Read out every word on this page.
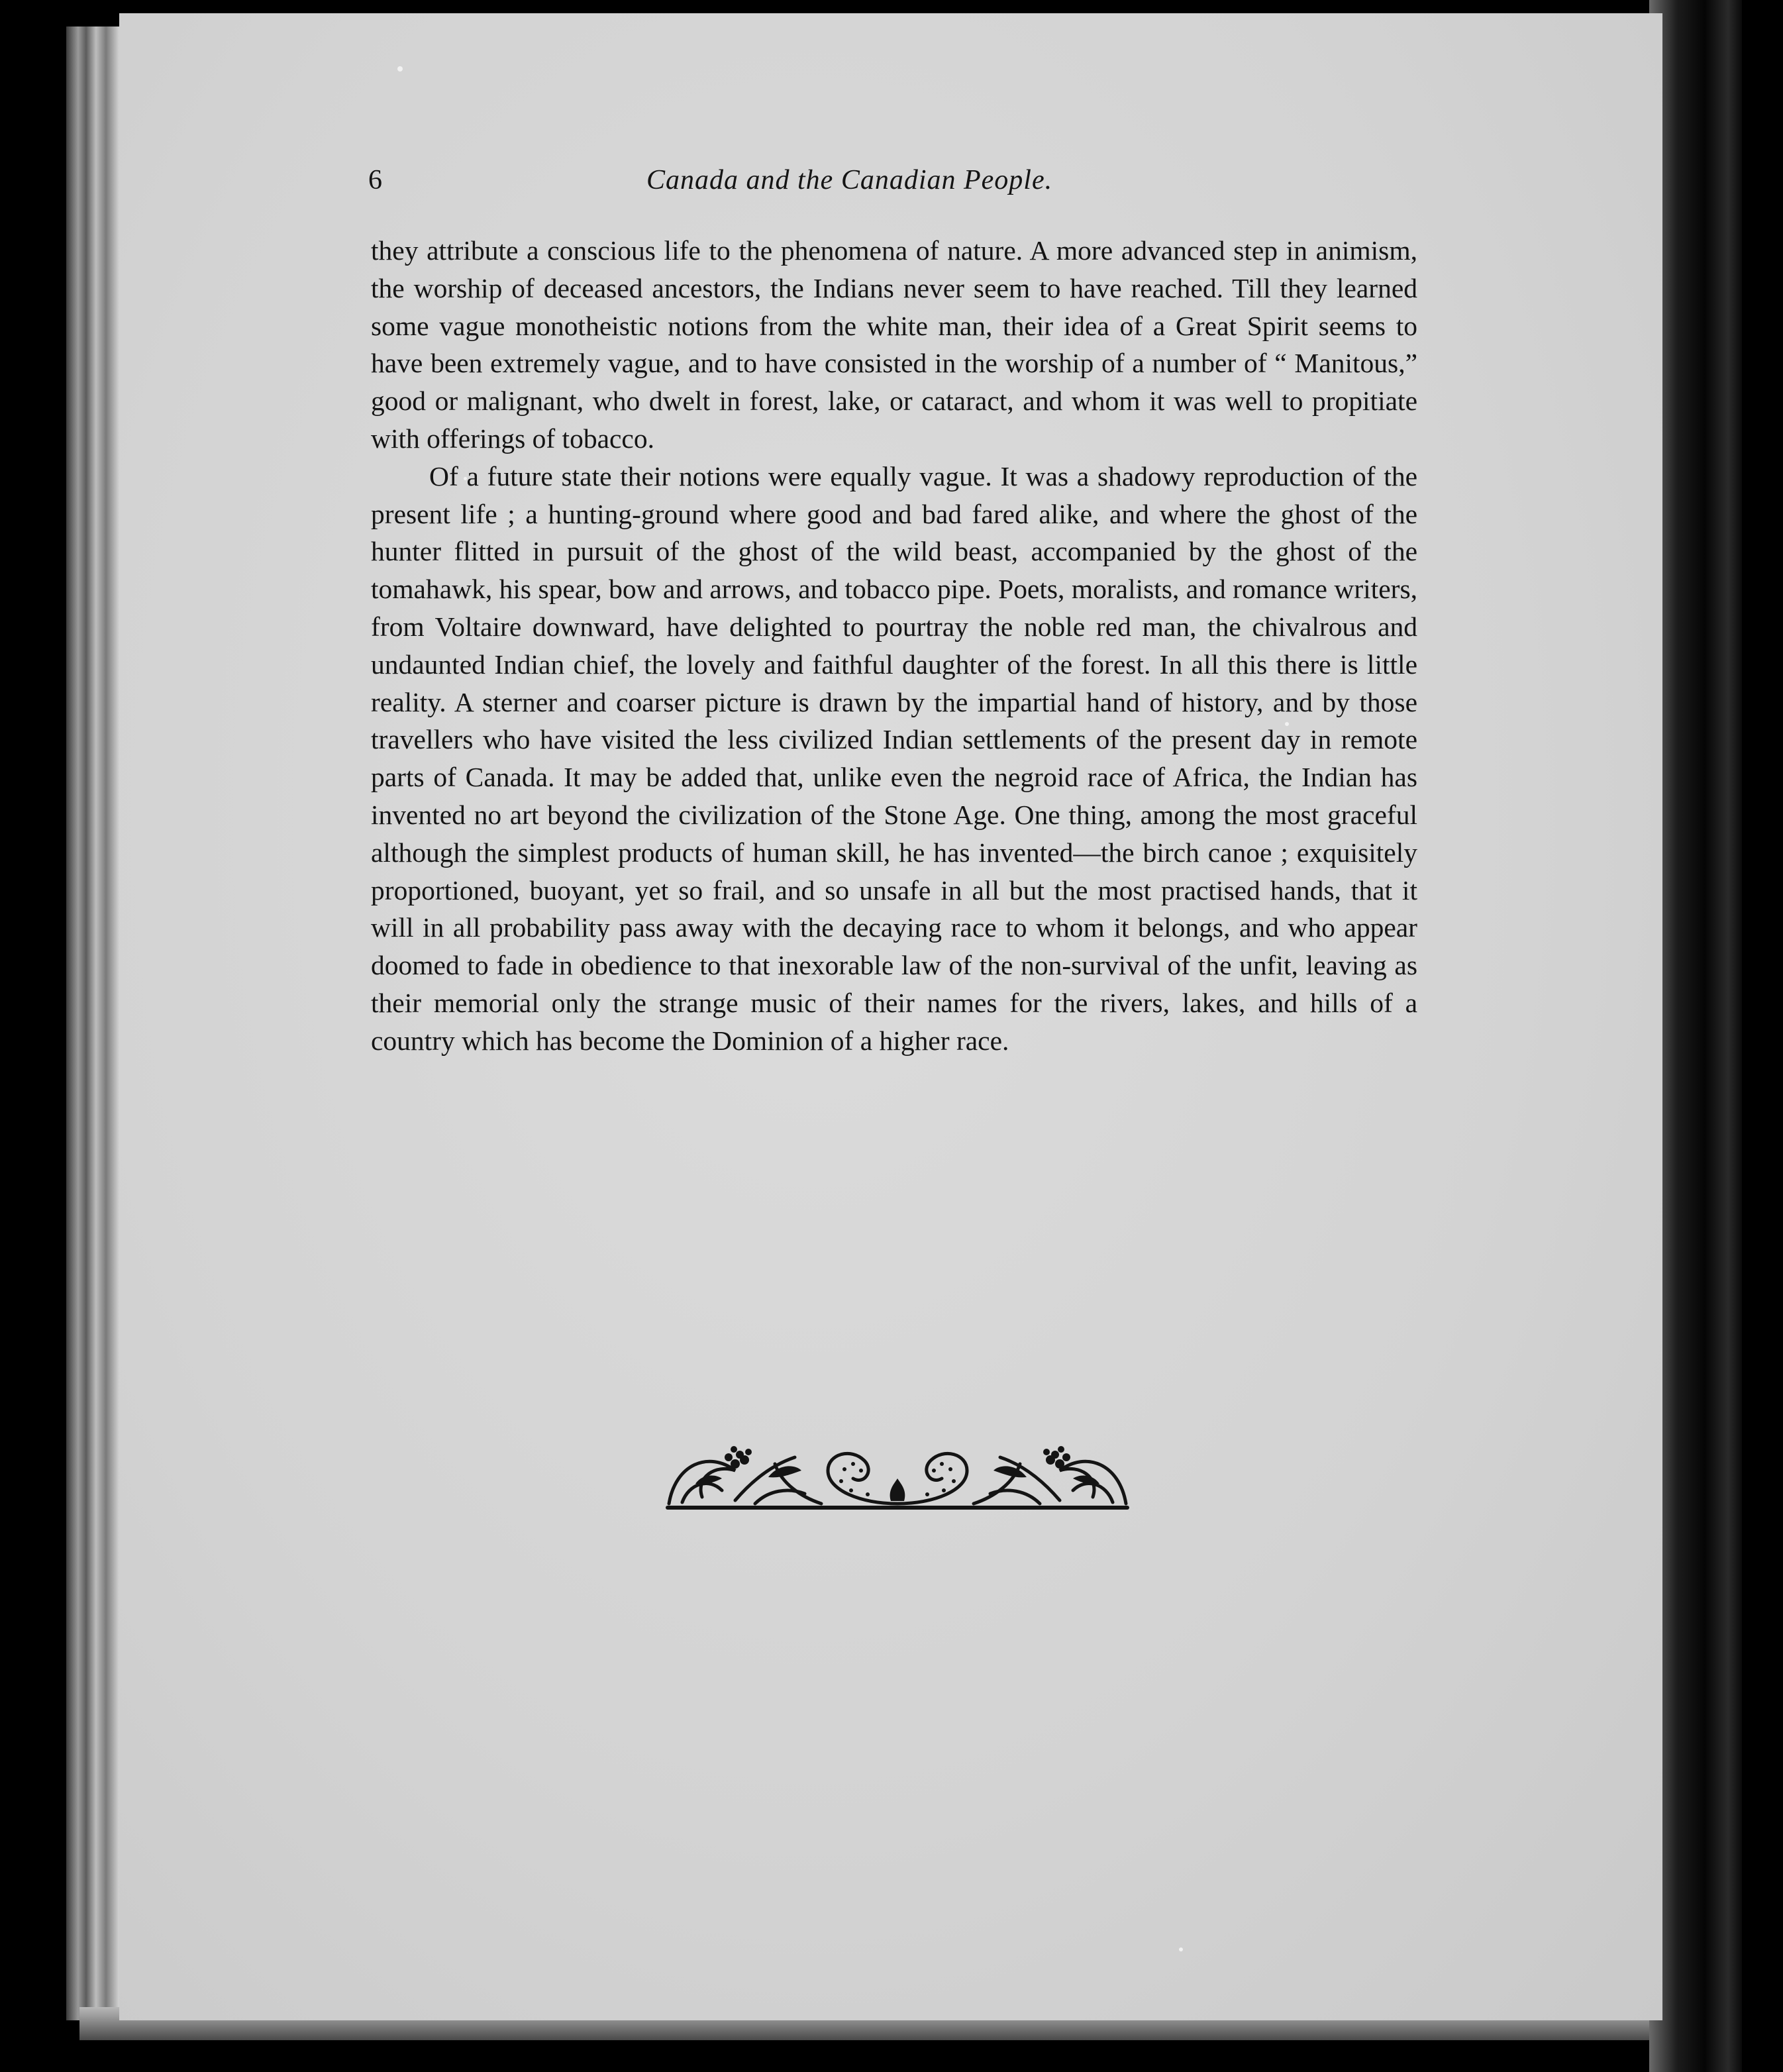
6	Canada and the Canadian People.

they attribute a conscious life to the phenomena of nature. A more advanced step in animism, the worship of deceased ancestors, the Indians never seem to have reached. Till they learned some vague monotheistic notions from the white man, their idea of a Great Spirit seems to have been extremely vague, and to have consisted in the worship of a number of “ Manitous,” good or malignant, who dwelt in forest, lake, or cataract, and whom it was well to propitiate with offerings of tobacco.

Of a future state their notions were equally vague. It was a shadowy reproduction of the present life ; a hunting-ground where good and bad fared alike, and where the ghost of the hunter flitted in pursuit of the ghost of the wild beast, accompanied by the ghost of the tomahawk, his spear, bow and arrows, and tobacco pipe. Poets, moralists, and romance writers, from Voltaire downward, have delighted to pourtray the noble red man, the chivalrous and undaunted Indian chief, the lovely and faithful daughter of the forest. In all this there is little reality. A sterner and coarser picture is drawn by the impartial hand of history, and by those travellers who have visited the less civilized Indian settlements of the present day in remote parts of Canada. It may be added that, unlike even the negroid race of Africa, the Indian has invented no art beyond the civilization of the Stone Age. One thing, among the most graceful although the simplest products of human skill, he has invented—the birch canoe ; exquisitely proportioned, buoyant, yet so frail, and so unsafe in all but the most practised hands, that it will in all probability pass away with the decaying race to whom it belongs, and who appear doomed to fade in obedience to that inexorable law of the non-survival of the unfit, leaving as their memorial only the strange music of their names for the rivers, lakes, and hills of a country which has become the Dominion of a higher race.
